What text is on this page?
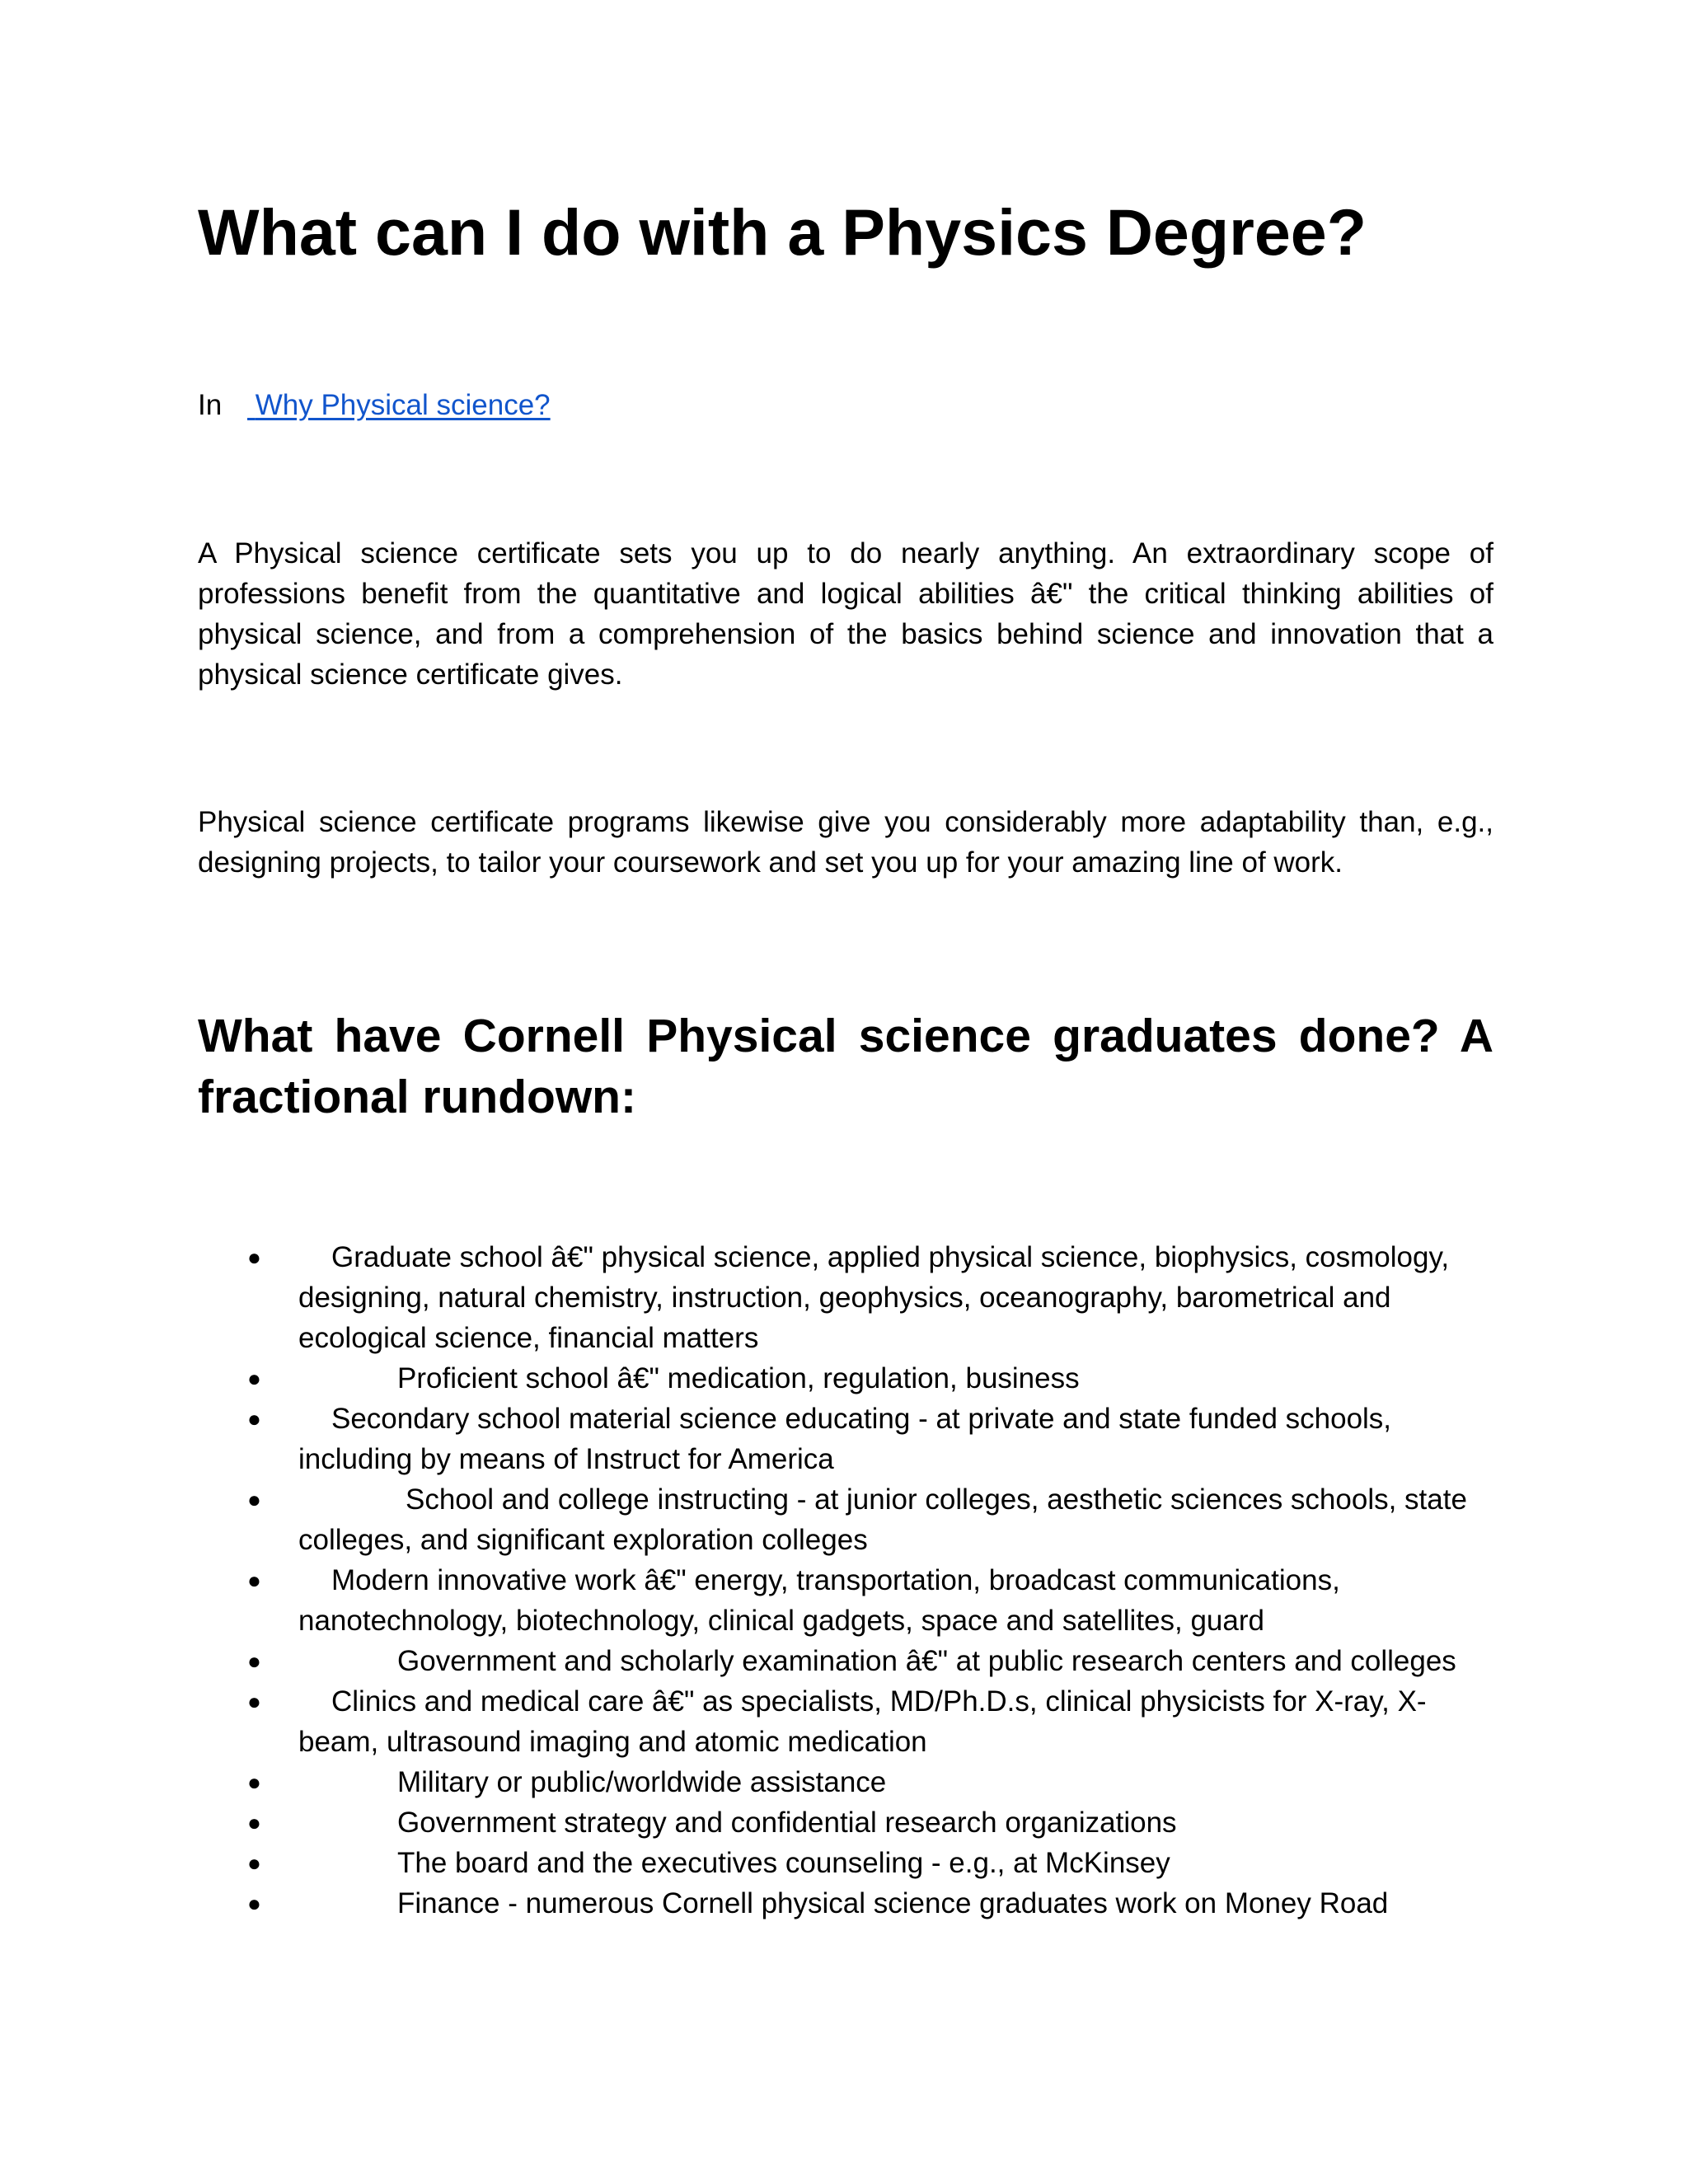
What can I do with a Physics Degree?
In Why Physical science?

A Physical science certificate sets you up to do nearly anything. An extraordinary scope of professions benefit from the quantitative and logical abilities â€" the critical thinking abilities of physical science, and from a comprehension of the basics behind science and innovation that a physical science certificate gives.

Physical science certificate programs likewise give you considerably more adaptability than, e.g., designing projects, to tailor your coursework and set you up for your amazing line of work.

What have Cornell Physical science graduates done? A fractional rundown:
● Graduate school â€" physical science, applied physical science, biophysics, cosmology, designing, natural chemistry, instruction, geophysics, oceanography, barometrical and ecological science, financial matters
●	Proficient school â€" medication, regulation, business
● Secondary school material science educating - at private and state funded schools, including by means of Instruct for America
●	School and college instructing - at junior colleges, aesthetic sciences schools, state colleges, and significant exploration colleges
● Modern innovative work â€" energy, transportation, broadcast communications, nanotechnology, biotechnology, clinical gadgets, space and satellites, guard
●	Government and scholarly examination â€" at public research centers and colleges
● Clinics and medical care â€" as specialists, MD/Ph.D.s, clinical physicists for X-ray, X-beam, ultrasound imaging and atomic medication
●	Military or public/worldwide assistance
●	Government strategy and confidential research organizations
●	The board and the executives counseling - e.g., at McKinsey
●	Finance - numerous Cornell physical science graduates work on Money Road
